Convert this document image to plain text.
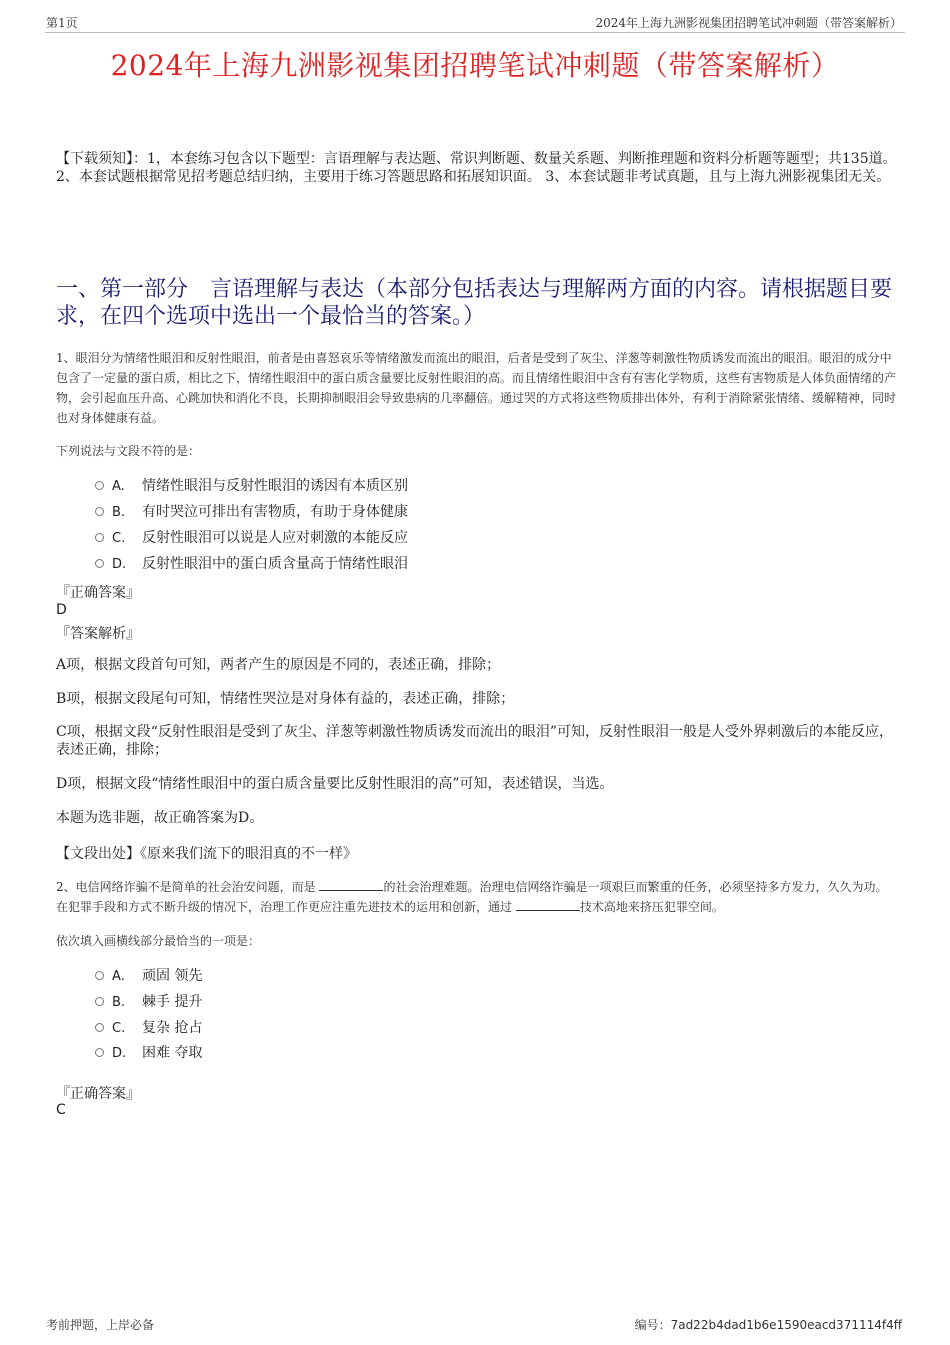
第1页	2024年上海九洲影视集团招聘笔试冲刺题（带答案解析）
2024年上海九洲影视集团招聘笔试冲刺题（带答案解析）
【下载须知】：1，本套练习包含以下题型：言语理解与表达题、常识判断题、数量关系题、判断推理题和资料分析题等题型；共135道。 2、本套试题根据常见招考题总结归纳，主要用于练习答题思路和拓展知识面。 3、本套试题非考试真题，且与上海九洲影视集团无关。
一、第一部分　言语理解与表达（本部分包括表达与理解两方面的内容。请根据题目要求，在四个选项中选出一个最恰当的答案。）
1、眼泪分为情绪性眼泪和反射性眼泪，前者是由喜怒哀乐等情绪激发而流出的眼泪，后者是受到了灰尘、洋葱等刺激性物质诱发而流出的眼泪。眼泪的成分中包含了一定量的蛋白质，相比之下，情绪性眼泪中的蛋白质含量要比反射性眼泪的高。而且情绪性眼泪中含有有害化学物质，这些有害物质是人体负面情绪的产物，会引起血压升高、心跳加快和消化不良，长期抑制眼泪会导致患病的几率翻倍。通过哭的方式将这些物质排出体外，有利于消除紧张情绪、缓解精神，同时也对身体健康有益。
下列说法与文段不符的是：
A. 情绪性眼泪与反射性眼泪的诱因有本质区别
B. 有时哭泣可排出有害物质，有助于身体健康
C. 反射性眼泪可以说是人应对刺激的本能反应
D. 反射性眼泪中的蛋白质含量高于情绪性眼泪
『正确答案』
D
『答案解析』
A项，根据文段首句可知，两者产生的原因是不同的，表述正确，排除；
B项，根据文段尾句可知，情绪性哭泣是对身体有益的，表述正确，排除；
C项，根据文段“反射性眼泪是受到了灰尘、洋葱等刺激性物质诱发而流出的眼泪”可知，反射性眼泪一般是人受外界刺激后的本能反应，表述正确，排除；
D项，根据文段“情绪性眼泪中的蛋白质含量要比反射性眼泪的高”可知，表述错误，当选。
本题为选非题，故正确答案为D。
【文段出处】《原来我们流下的眼泪真的不一样》
2、电信网络诈骗不是简单的社会治安问题，而是	的社会治理难题。治理电信网络诈骗是一项艰巨而繁重的任务，必须坚持多方发力，久久为功。在犯罪手段和方式不断升级的情况下，治理工作更应注重先进技术的运用和创新，通过	技术高地来挤压犯罪空间。
依次填入画横线部分最恰当的一项是：
A. 顽固 领先
B. 棘手 提升
C. 复杂 抢占
D. 困难 夺取
『正确答案』
C
考前押题，上岸必备	编号：7ad22b4dad1b6e1590eacd371114f4ff
